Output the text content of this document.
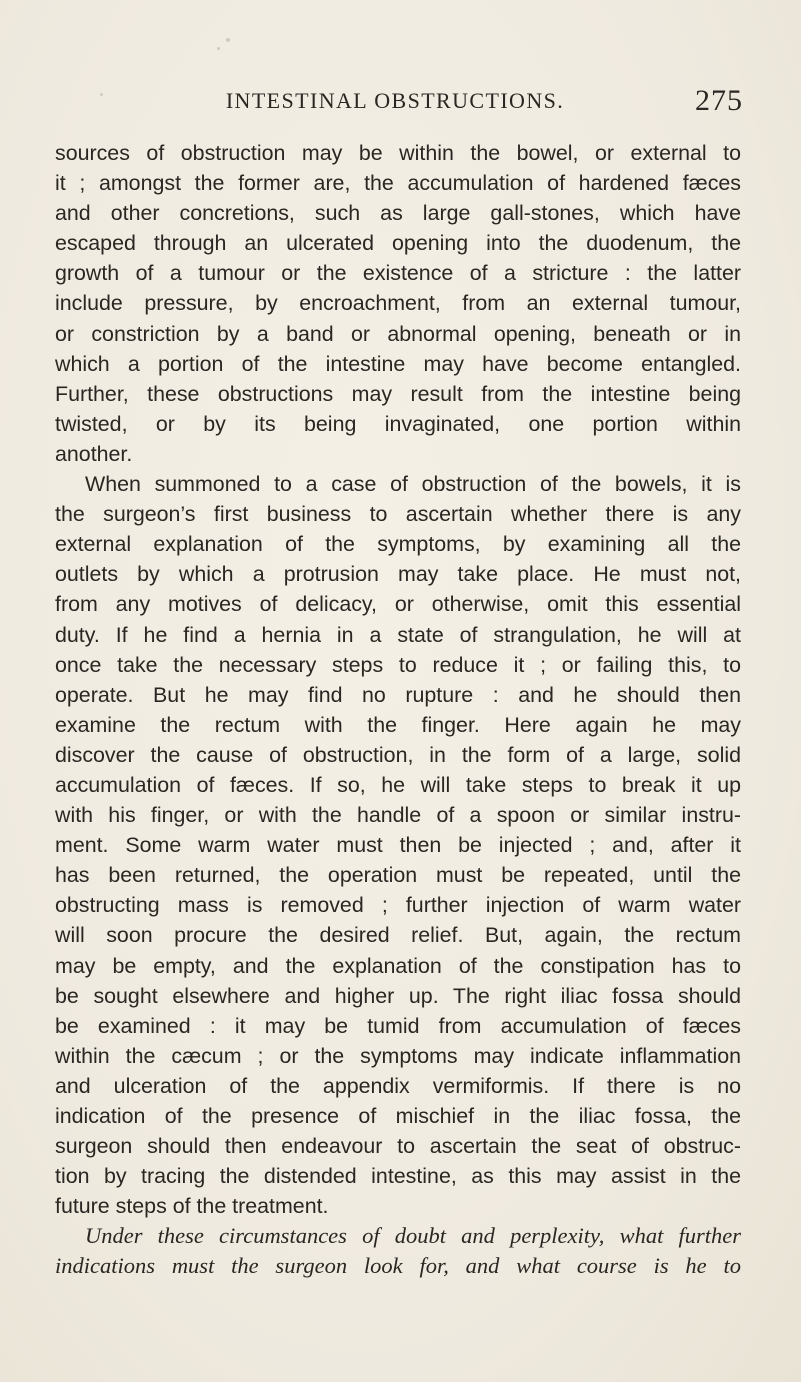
INTESTINAL OBSTRUCTIONS.	275
sources of obstruction may be within the bowel, or external to
it ; amongst the former are, the accumulation of hardened fæces
and other concretions, such as large gall-stones, which have
escaped through an ulcerated opening into the duodenum, the
growth of a tumour or the existence of a stricture : the latter
include pressure, by encroachment, from an external tumour,
or constriction by a band or abnormal opening, beneath or in
which a portion of the intestine may have become entangled.
Further, these obstructions may result from the intestine being
twisted, or by its being invaginated, one portion within
another.
When summoned to a case of obstruction of the bowels, it is
the surgeon’s first business to ascertain whether there is any
external explanation of the symptoms, by examining all the
outlets by which a protrusion may take place. He must not,
from any motives of delicacy, or otherwise, omit this essential
duty. If he find a hernia in a state of strangulation, he will at
once take the necessary steps to reduce it ; or failing this, to
operate. But he may find no rupture : and he should then
examine the rectum with the finger. Here again he may
discover the cause of obstruction, in the form of a large, solid
accumulation of fæces. If so, he will take steps to break it up
with his finger, or with the handle of a spoon or similar instru-
ment. Some warm water must then be injected ; and, after it
has been returned, the operation must be repeated, until the
obstructing mass is removed ; further injection of warm water
will soon procure the desired relief. But, again, the rectum
may be empty, and the explanation of the constipation has to
be sought elsewhere and higher up. The right iliac fossa should
be examined : it may be tumid from accumulation of fæces
within the cæcum ; or the symptoms may indicate inflammation
and ulceration of the appendix vermiformis. If there is no
indication of the presence of mischief in the iliac fossa, the
surgeon should then endeavour to ascertain the seat of obstruc-
tion by tracing the distended intestine, as this may assist in the
future steps of the treatment.
Under these circumstances of doubt and perplexity, what further
indications must the surgeon look for, and what course is he to
